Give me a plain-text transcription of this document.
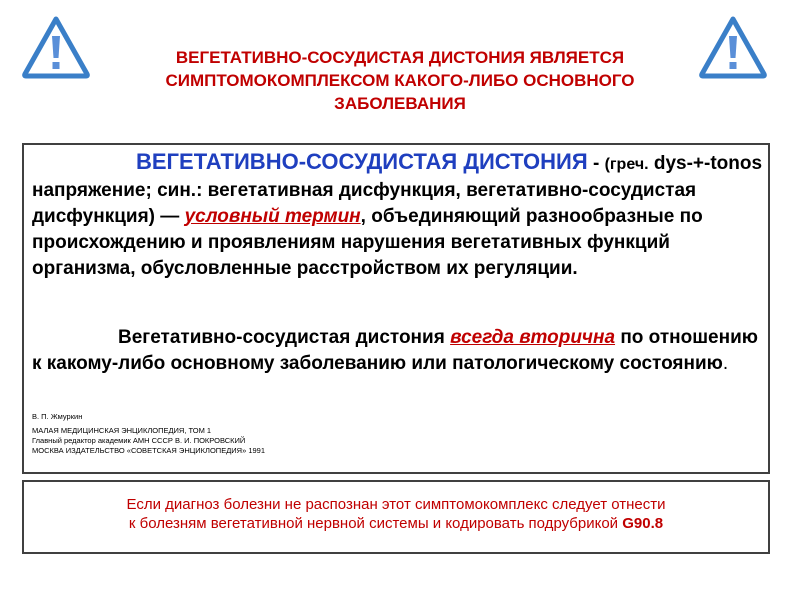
ВЕГЕТАТИВНО-СОСУДИСТАЯ ДИСТОНИЯ ЯВЛЯЕТСЯ
СИМПТОМОКОМПЛЕКСОМ КАКОГО-ЛИБО ОСНОВНОГО
ЗАБОЛЕВАНИЯ

ВЕГЕТАТИВНО-СОСУДИСТАЯ ДИСТОНИЯ - (греч. dys-+-tonos напряжение; син.: вегетативная дисфункция, вегетативно-сосудистая дисфункция) — условный термин, объединяющий разнообразные по происхождению и проявлениям нарушения вегетативных функций организма, обусловленные расстройством их регуляции.

Вегетативно-сосудистая дистония всегда вторична по отношению к какому-либо основному заболеванию или патологическому состоянию.

В. П. Жмуркин
МАЛАЯ МЕДИЦИНСКАЯ ЭНЦИКЛОПЕДИЯ, ТОМ 1
Главный редактор академик АМН СССР В. И. ПОКРОВСКИЙ
МОСКВА ИЗДАТЕЛЬСТВО «СОВЕТСКАЯ ЭНЦИКЛОПЕДИЯ» 1991

Если диагноз болезни не распознан этот симптомокомплекс следует отнести
к болезням вегетативной нервной системы и кодировать подрубрикой G90.8
